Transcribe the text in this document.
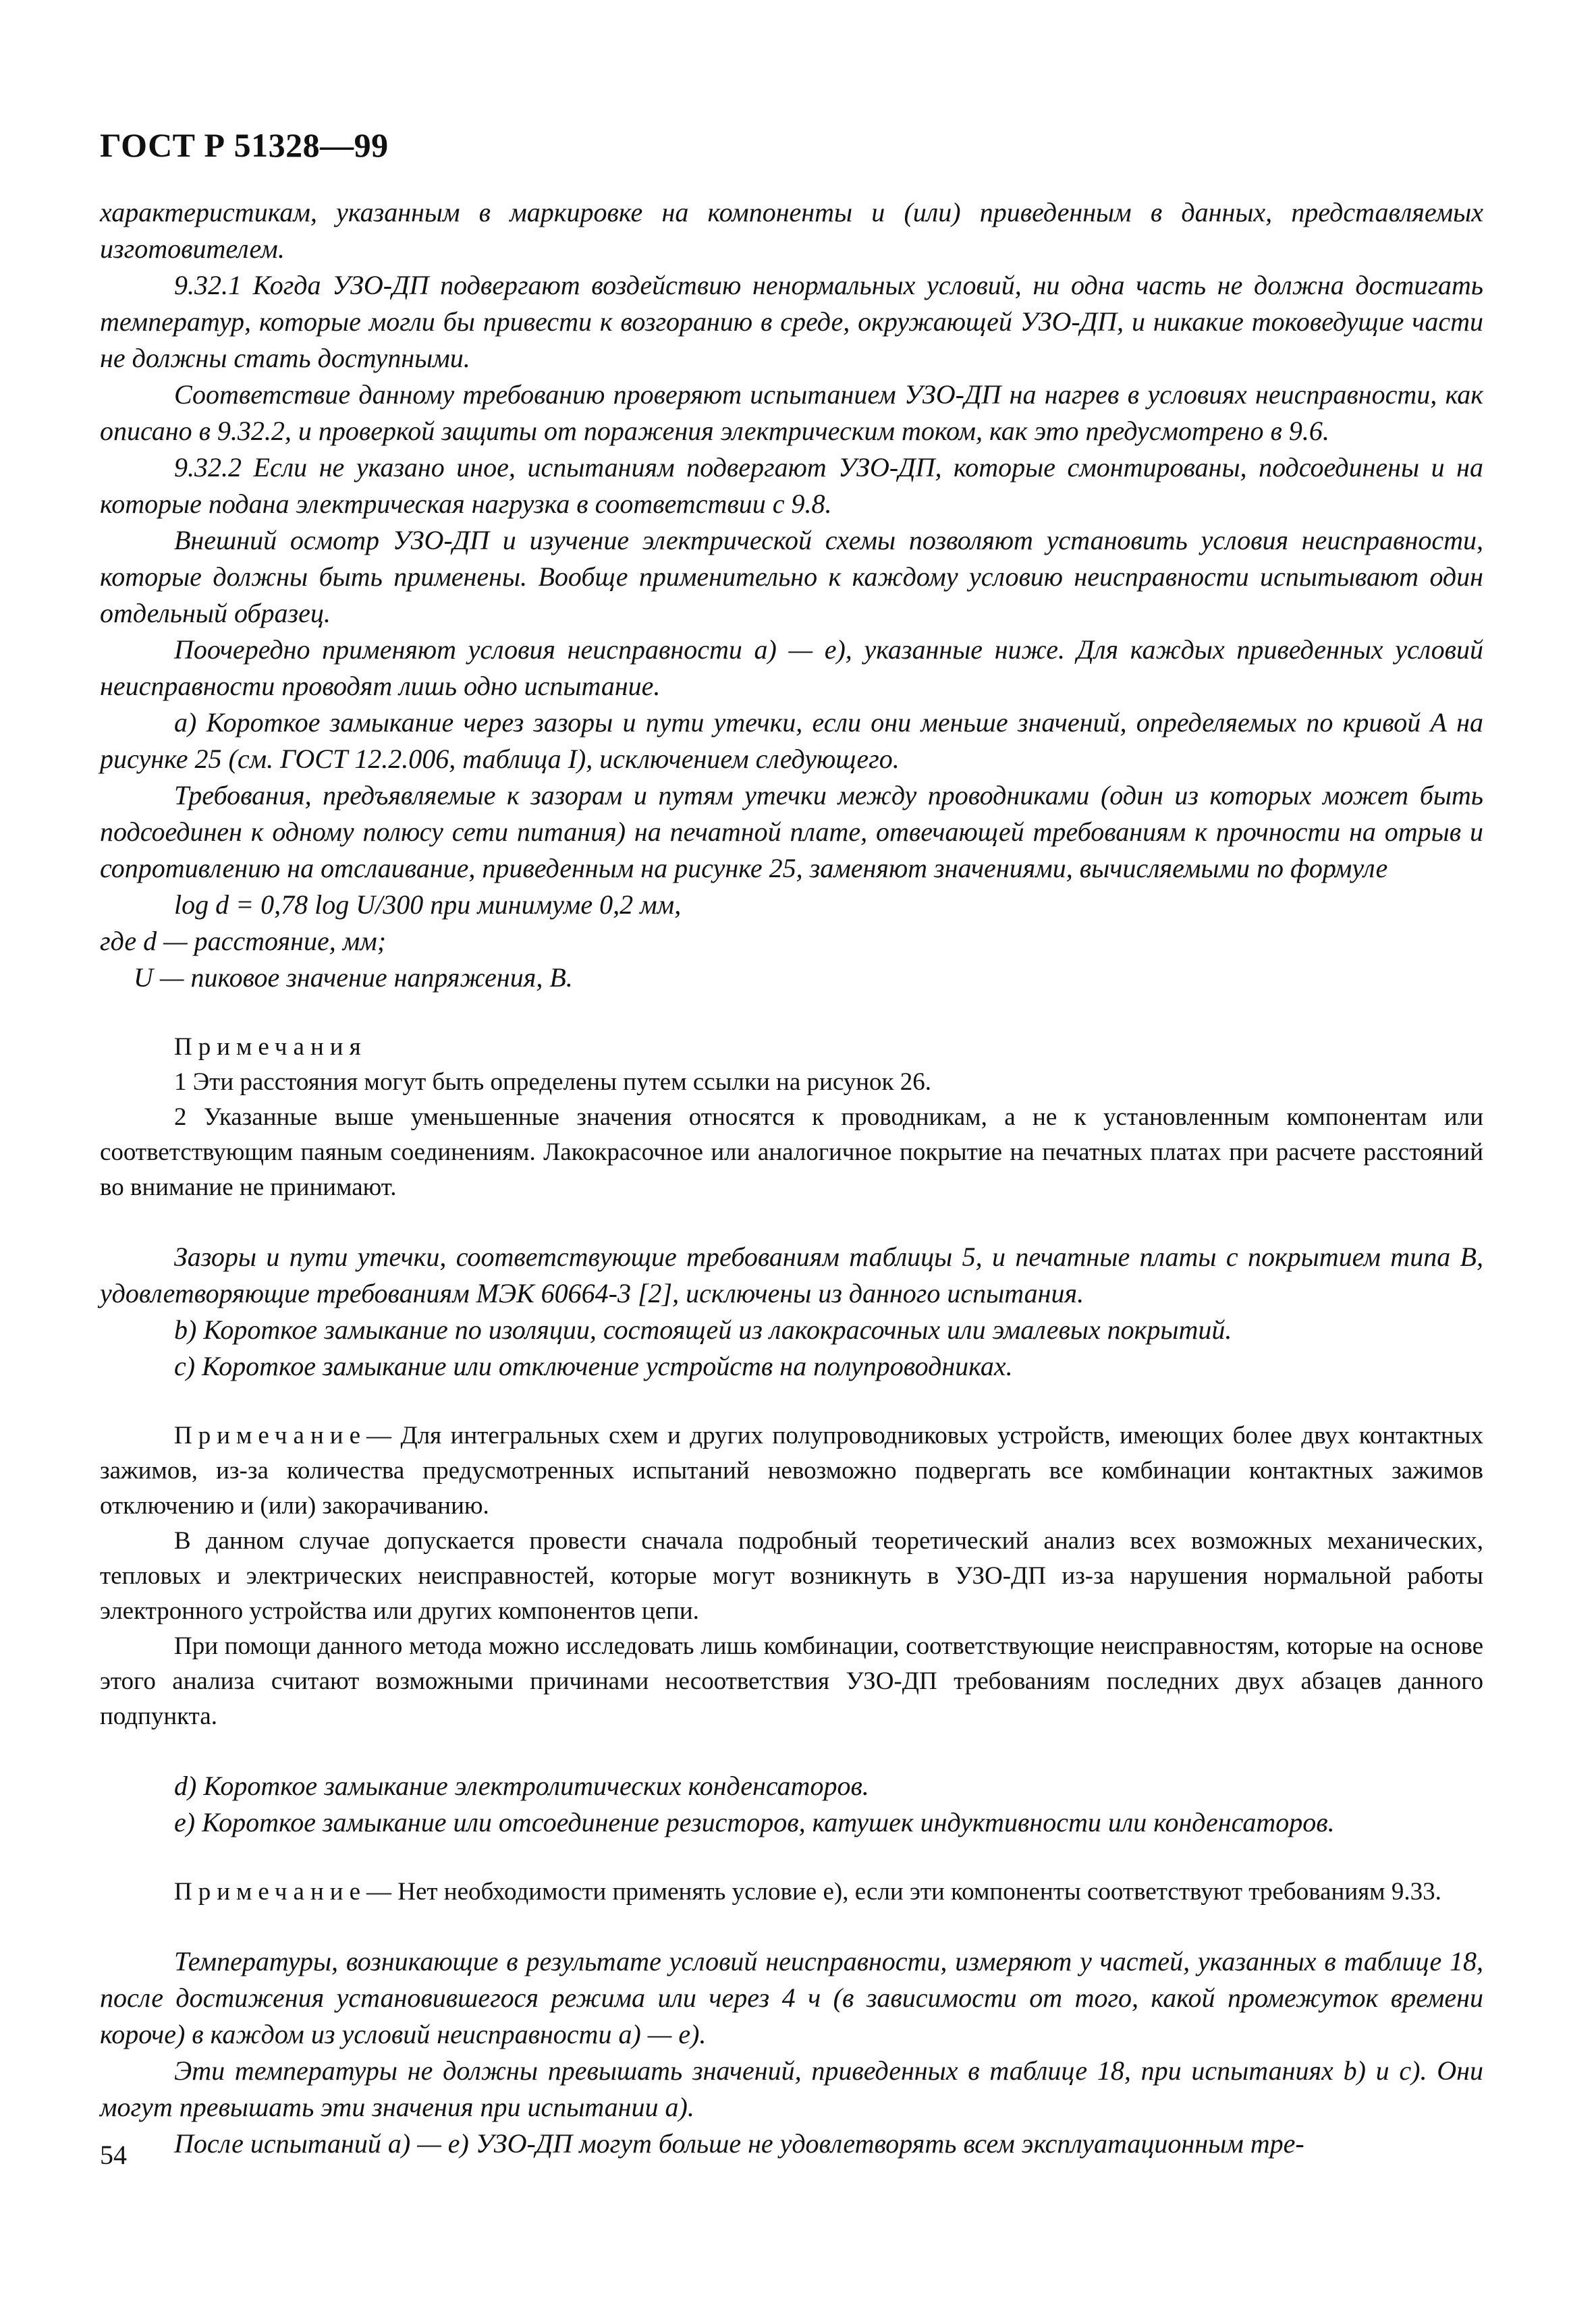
ГОСТ Р 51328—99

характеристикам, указанным в маркировке на компоненты и (или) приведенным в данных, представляемых изготовителем.

9.32.1 Когда УЗО-ДП подвергают воздействию ненормальных условий, ни одна часть не должна достигать температур, которые могли бы привести к возгоранию в среде, окружающей УЗО-ДП, и никакие токоведущие части не должны стать доступными.

Соответствие данному требованию проверяют испытанием УЗО-ДП на нагрев в условиях неисправности, как описано в 9.32.2, и проверкой защиты от поражения электрическим током, как это предусмотрено в 9.6.

9.32.2 Если не указано иное, испытаниям подвергают УЗО-ДП, которые смонтированы, подсоединены и на которые подана электрическая нагрузка в соответствии с 9.8.

Внешний осмотр УЗО-ДП и изучение электрической схемы позволяют установить условия неисправности, которые должны быть применены. Вообще применительно к каждому условию неисправности испытывают один отдельный образец.

Поочередно применяют условия неисправности а) — е), указанные ниже. Для каждых приведенных условий неисправности проводят лишь одно испытание.

а) Короткое замыкание через зазоры и пути утечки, если они меньше значений, определяемых по кривой А на рисунке 25 (см. ГОСТ 12.2.006, таблица I), исключением следующего.

Требования, предъявляемые к зазорам и путям утечки между проводниками (один из которых может быть подсоединен к одному полюсу сети питания) на печатной плате, отвечающей требованиям к прочности на отрыв и сопротивлению на отслаивание, приведенным на рисунке 25, заменяют значениями, вычисляемыми по формуле

log d = 0,78 log U/300 при минимуме 0,2 мм,

где d — расстояние, мм;

U — пиковое значение напряжения, В.

Примечания

1 Эти расстояния могут быть определены путем ссылки на рисунок 26.

2 Указанные выше уменьшенные значения относятся к проводникам, а не к установленным компонентам или соответствующим паяным соединениям. Лакокрасочное или аналогичное покрытие на печатных платах при расчете расстояний во внимание не принимают.

Зазоры и пути утечки, соответствующие требованиям таблицы 5, и печатные платы с покрытием типа В, удовлетворяющие требованиям МЭК 60664-3 [2], исключены из данного испытания.

b) Короткое замыкание по изоляции, состоящей из лакокрасочных или эмалевых покрытий.

c) Короткое замыкание или отключение устройств на полупроводниках.

Примечание— Для интегральных схем и других полупроводниковых устройств, имеющих более двух контактных зажимов, из-за количества предусмотренных испытаний невозможно подвергать все комбинации контактных зажимов отключению и (или) закорачиванию.

В данном случае допускается провести сначала подробный теоретический анализ всех возможных механических, тепловых и электрических неисправностей, которые могут возникнуть в УЗО-ДП из-за нарушения нормальной работы электронного устройства или других компонентов цепи.

При помощи данного метода можно исследовать лишь комбинации, соответствующие неисправностям, которые на основе этого анализа считают возможными причинами несоответствия УЗО-ДП требованиям последних двух абзацев данного подпункта.

d) Короткое замыкание электролитических конденсаторов.

e) Короткое замыкание или отсоединение резисторов, катушек индуктивности или конденсаторов.

Примечание— Нет необходимости применять условие е), если эти компоненты соответствуют требованиям 9.33.

Температуры, возникающие в результате условий неисправности, измеряют у частей, указанных в таблице 18, после достижения установившегося режима или через 4 ч (в зависимости от того, какой промежуток времени короче) в каждом из условий неисправности а) — е).

Эти температуры не должны превышать значений, приведенных в таблице 18, при испытаниях b) и с). Они могут превышать эти значения при испытании а).

После испытаний а) — е) УЗО-ДП могут больше не удовлетворять всем эксплуатационным тре-

54
